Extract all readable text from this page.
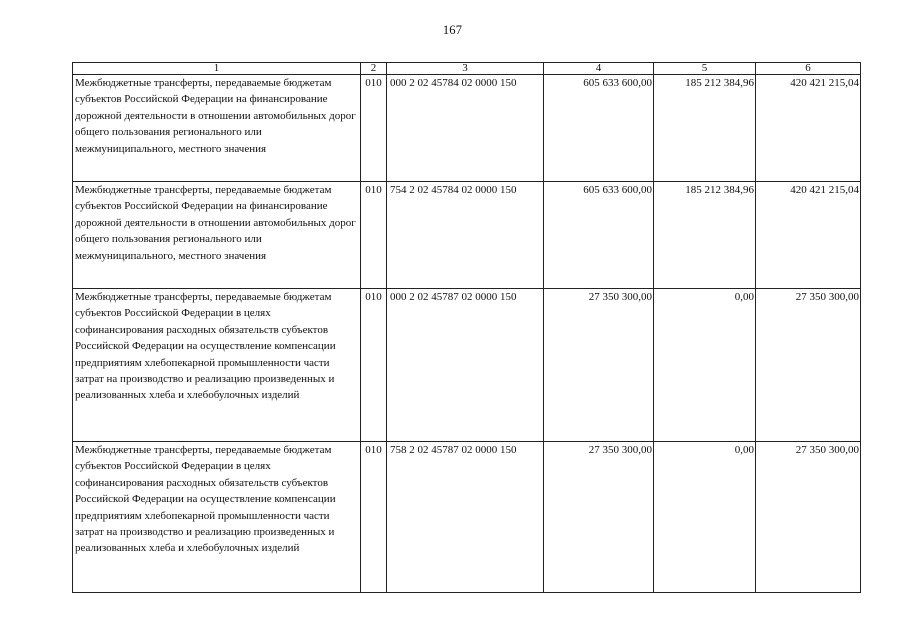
167
1	2	3	4	5	6
Межбюджетные трансферты, передаваемые бюджетам субъектов Российской Федерации на финансирование дорожной деятельности в отношении автомобильных дорог общего пользования регионального или межмуниципального, местного значения	010	000 2 02 45784 02 0000 150	605 633 600,00	185 212 384,96	420 421 215,04
Межбюджетные трансферты, передаваемые бюджетам субъектов Российской Федерации на финансирование дорожной деятельности в отношении автомобильных дорог общего пользования регионального или межмуниципального, местного значения	010	754 2 02 45784 02 0000 150	605 633 600,00	185 212 384,96	420 421 215,04
Межбюджетные трансферты, передаваемые бюджетам субъектов Российской Федерации в целях софинансирования расходных обязательств субъектов Российской Федерации на осуществление компенсации предприятиям хлебопекарной промышленности части затрат на производство и реализацию произведенных и реализованных хлеба и хлебобулочных изделий	010	000 2 02 45787 02 0000 150	27 350 300,00	0,00	27 350 300,00
Межбюджетные трансферты, передаваемые бюджетам субъектов Российской Федерации в целях софинансирования расходных обязательств субъектов Российской Федерации на осуществление компенсации предприятиям хлебопекарной промышленности части затрат на производство и реализацию произведенных и реализованных хлеба и хлебобулочных изделий	010	758 2 02 45787 02 0000 150	27 350 300,00	0,00	27 350 300,00
